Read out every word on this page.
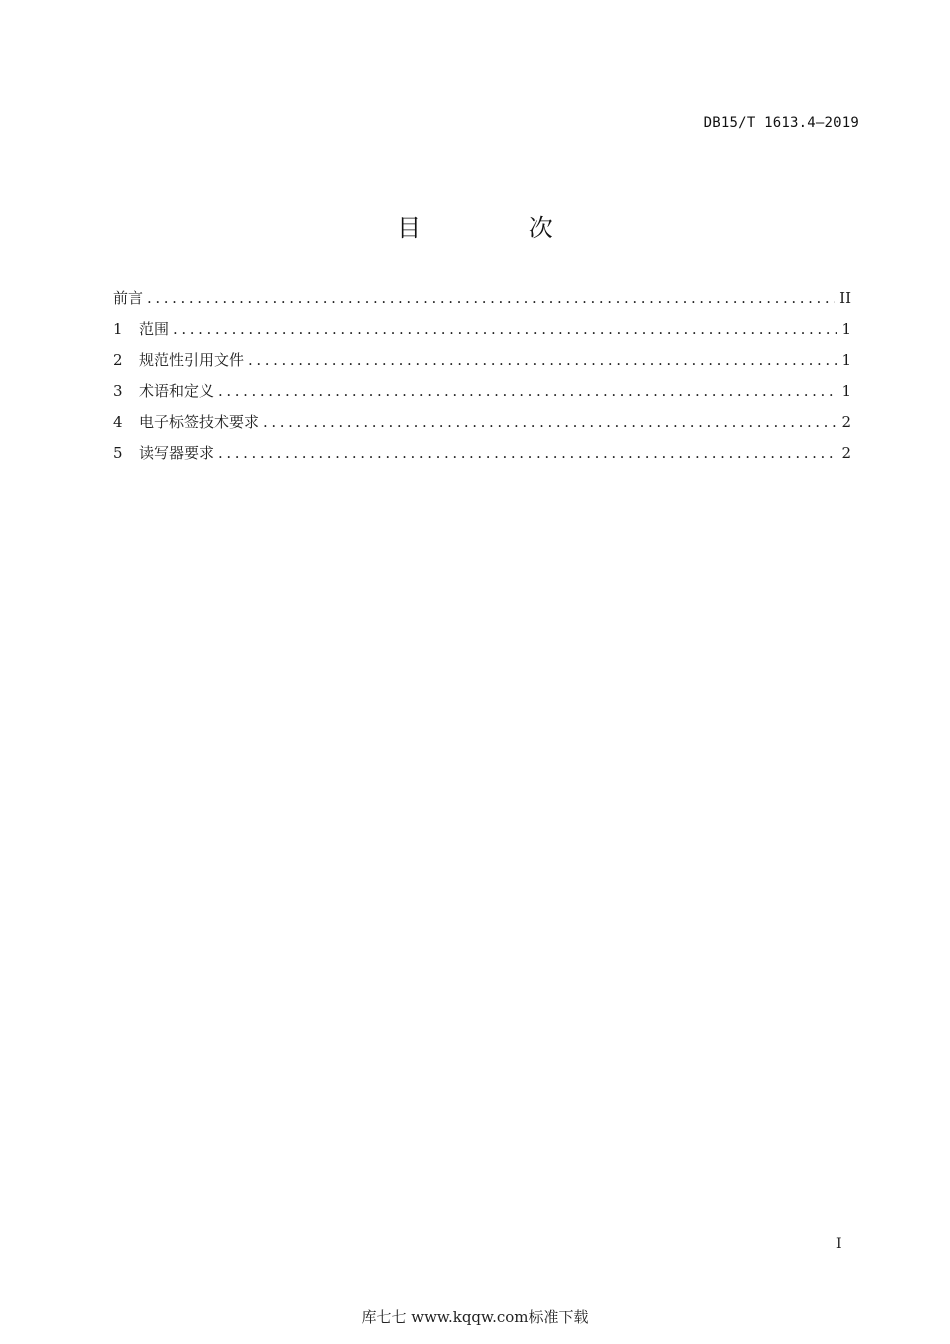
DB15/T 1613.4—2019
目 次
前言 .....	II
1	范围 .....	1
2	规范性引用文件 .....	1
3	术语和定义 .....	1
4	电子标签技术要求 .....	2
5	读写器要求 .....	2
I
库七七 www.kqqw.com标准下载
